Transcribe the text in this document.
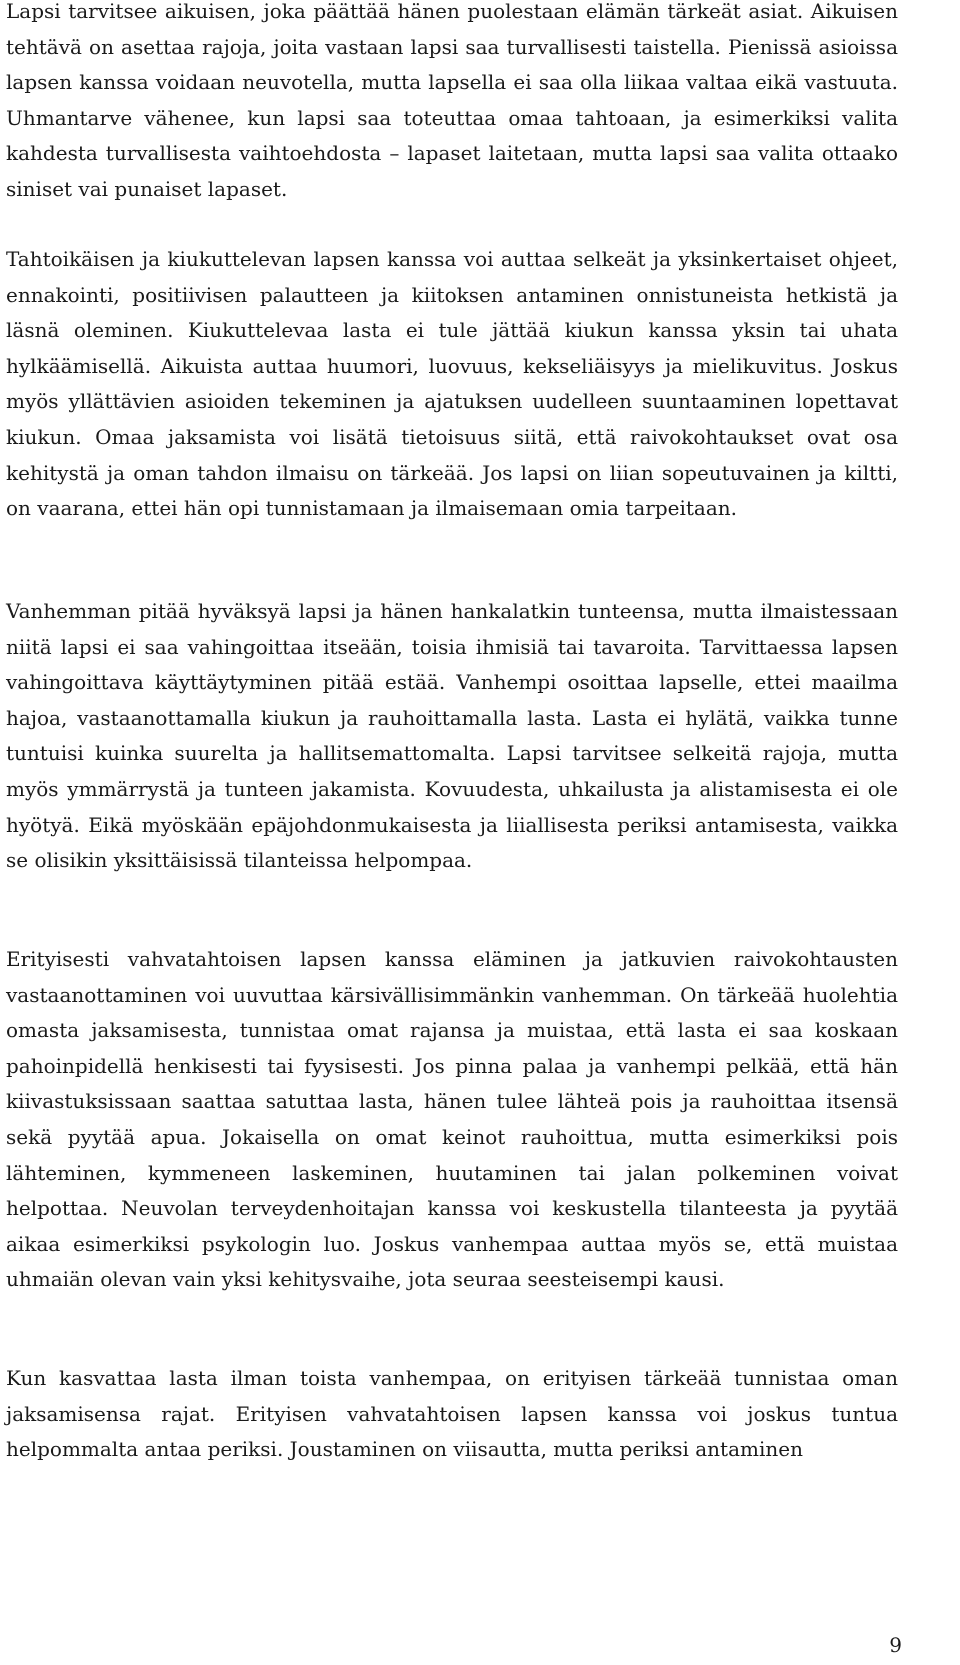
Lapsi tarvitsee aikuisen, joka päättää hänen puolestaan elämän tärkeät asiat. Aikuisen tehtävä on asettaa rajoja, joita vastaan lapsi saa turvallisesti taistella. Pienissä asioissa lapsen kanssa voidaan neuvotella, mutta lapsella ei saa olla liikaa valtaa eikä vastuuta. Uhmantarve vähenee, kun lapsi saa toteuttaa omaa tahtoaan, ja esimerkiksi valita kahdesta turvallisesta vaihtoehdosta – lapaset laitetaan, mutta lapsi saa valita ottaako siniset vai punaiset lapaset.

Tahtoikäisen ja kiukuttelevan lapsen kanssa voi auttaa selkeät ja yksinkertaiset ohjeet, ennakointi, positiivisen palautteen ja kiitoksen antaminen onnistuneista hetkistä ja läsnä oleminen. Kiukuttelevaa lasta ei tule jättää kiukun kanssa yksin tai uhata hylkäämisellä. Aikuista auttaa huumori, luovuus, kekseliäisyys ja mielikuvitus. Joskus myös yllättävien asioiden tekeminen ja ajatuksen uudelleen suuntaaminen lopettavat kiukun. Omaa jaksamista voi lisätä tietoisuus siitä, että raivokohtaukset ovat osa kehitystä ja oman tahdon ilmaisu on tärkeää. Jos lapsi on liian sopeutuvainen ja kiltti, on vaarana, ettei hän opi tunnistamaan ja ilmaisemaan omia tarpeitaan.

Vanhemman pitää hyväksyä lapsi ja hänen hankalatkin tunteensa, mutta ilmaistessaan niitä lapsi ei saa vahingoittaa itseään, toisia ihmisiä tai tavaroita. Tarvittaessa lapsen vahingoittava käyttäytyminen pitää estää. Vanhempi osoittaa lapselle, ettei maailma hajoa, vastaanottamalla kiukun ja rauhoittamalla lasta. Lasta ei hylätä, vaikka tunne tuntuisi kuinka suurelta ja hallitsemattomalta. Lapsi tarvitsee selkeitä rajoja, mutta myös ymmärrystä ja tunteen jakamista. Kovuudesta, uhkailusta ja alistamisesta ei ole hyötyä. Eikä myöskään epäjohdonmukaisesta ja liiallisesta periksi antamisesta, vaikka se olisikin yksittäisissä tilanteissa helpompaa.

Erityisesti vahvatahtoisen lapsen kanssa eläminen ja jatkuvien raivokohtausten vastaanottaminen voi uuvuttaa kärsivällisimmänkin vanhemman. On tärkeää huolehtia omasta jaksamisesta, tunnistaa omat rajansa ja muistaa, että lasta ei saa koskaan pahoinpidellä henkisesti tai fyysisesti. Jos pinna palaa ja vanhempi pelkää, että hän kiivastuksissaan saattaa satuttaa lasta, hänen tulee lähteä pois ja rauhoittaa itsensä sekä pyytää apua. Jokaisella on omat keinot rauhoittua, mutta esimerkiksi pois lähteminen, kymmeneen laskeminen, huutaminen tai jalan polkeminen voivat helpottaa. Neuvolan terveydenhoitajan kanssa voi keskustella tilanteesta ja pyytää aikaa esimerkiksi psykologin luo. Joskus vanhempaa auttaa myös se, että muistaa uhmaiän olevan vain yksi kehitysvaihe, jota seuraa seesteisempi kausi.

Kun kasvattaa lasta ilman toista vanhempaa, on erityisen tärkeää tunnistaa oman jaksamisensa rajat. Erityisen vahvatahtoisen lapsen kanssa voi joskus tuntua helpommalta antaa periksi. Joustaminen on viisautta, mutta periksi antaminen

9
